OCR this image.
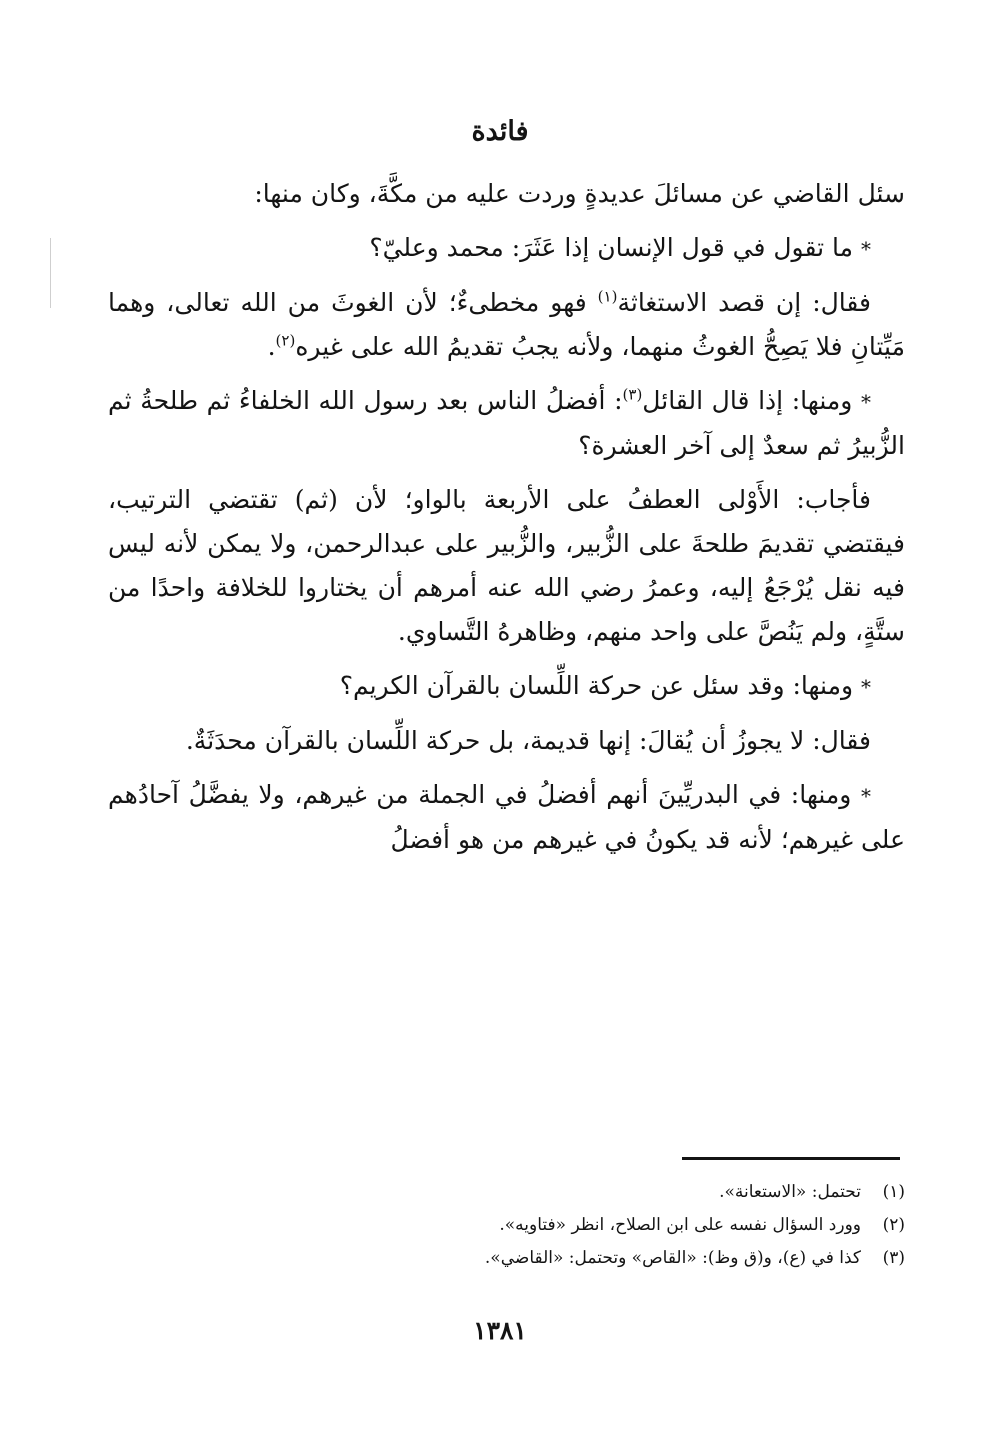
فائدة

سئل القاضي عن مسائلَ عديدةٍ وردت عليه من مكَّةَ، وكان منها:

* ما تقول في قول الإنسان إذا عَثَرَ: محمد وعليّ؟

فقال: إن قصد الاستغاثة$^{(١)}$ فهو مخطىءٌ؛ لأن الغوثَ من الله تعالى، وهما مَيِّتانِ فلا يَصِحُّ الغوثُ منهما، ولأنه يجبُ تقديمُ الله على غيره$^{(٢)}$.

* ومنها: إذا قال القائل$^{(٣)}$: أفضلُ الناس بعد رسول الله الخلفاءُ ثم طلحةُ ثم الزُّبيرُ ثم سعدٌ إلى آخر العشرة؟

فأجاب: الأَوْلى العطفُ على الأربعة بالواو؛ لأن (ثم) تقتضي الترتيب، فيقتضي تقديمَ طلحةَ على الزُّبير، والزُّبير على عبدالرحمن، ولا يمكن لأنه ليس فيه نقل يُرْجَعُ إليه، وعمرُ رضي الله عنه أمرهم أن يختاروا للخلافة واحدًا من ستَّةٍ، ولم يَنُصَّ على واحد منهم، وظاهرهُ التَّساوي.

* ومنها: وقد سئل عن حركة اللِّسان بالقرآن الكريم؟

فقال: لا يجوزُ أن يُقالَ: إنها قديمة، بل حركة اللِّسان بالقرآن محدَثَةٌ.

* ومنها: في البدريِّينَ أنهم أفضلُ في الجملة من غيرهم، ولا يفضَّلُ آحادُهم على غيرهم؛ لأنه قد يكونُ في غيرهم من هو أفضلُ

(١)
تحتمل: «الاستعانة».
(٢)
وورد السؤال نفسه على ابن الصلاح، انظر «فتاويه».
(٣)
كذا في (ع)، و(ق وظ): «القاص» وتحتمل: «القاضي».
١٣٨١
